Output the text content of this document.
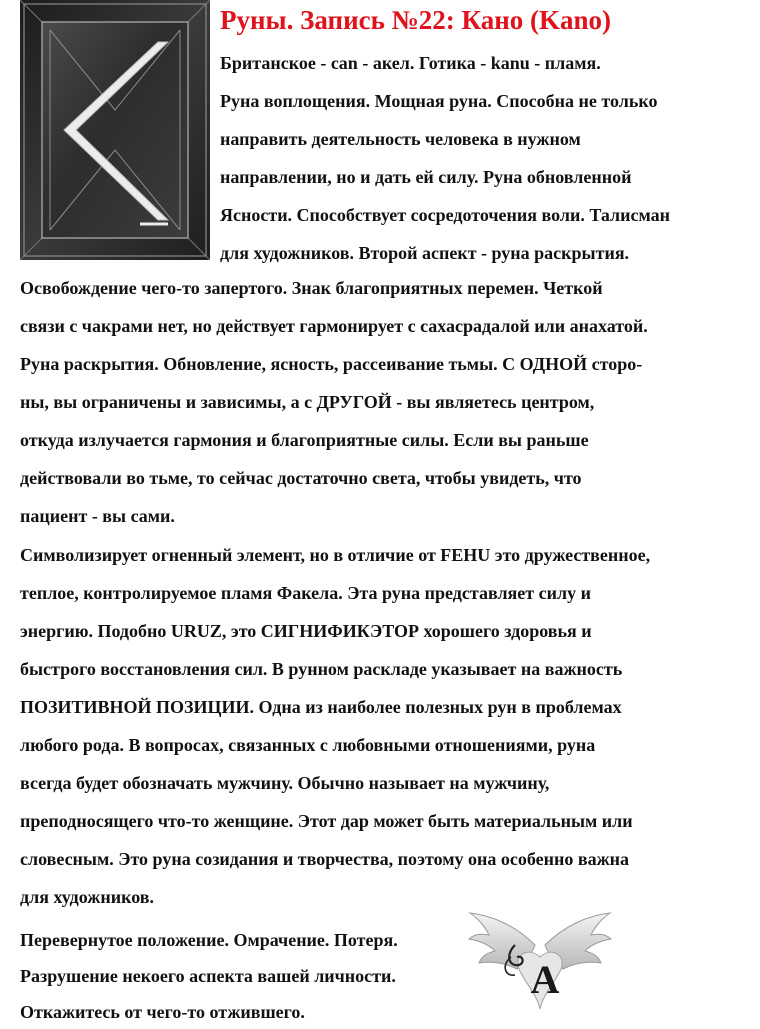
Руны. Запись №22: Кано (Kano)

Британское - can - акел. Готика - kanu - пламя.

Руна воплощения. Мощная руна. Способна не только

направить деятельность человека в нужном

направлении, но и дать ей силу. Руна обновленной

Ясности. Способствует сосредоточения воли. Талисман

для художников. Второй аспект - руна раскрытия.

Освобождение чего-то запертого. Знак благоприятных перемен. Четкой

связи с чакрами нет, но действует гармонирует с сахасрадалой или анахатой.

Руна раскрытия. Обновление, ясность, рассеивание тьмы. С ОДНОЙ сторо-

ны, вы ограничены и зависимы, а с ДРУГОЙ - вы являетесь центром,

откуда излучается гармония и благоприятные силы. Если вы раньше

действовали во тьме, то сейчас достаточно света, чтобы увидеть, что

пациент - вы сами.

Символизирует огненный элемент, но в отличие от FEHU это дружественное,

теплое, контролируемое пламя Факела. Эта руна представляет силу и

энергию. Подобно URUZ, это СИГНИФИКЭТОР хорошего здоровья и

быстрого восстановления сил. В рунном раскладе указывает на важность

ПОЗИТИВНОЙ ПОЗИЦИИ. Одна из наиболее полезных рун в проблемах

любого рода. В вопросах, связанных с любовными отношениями, руна

всегда будет обозначать мужчину. Обычно называет на мужчину,

преподносящего что-то женщине. Этот дар может быть материальным или

словесным. Это руна созидания и творчества, поэтому она особенно важна

для художников.

Перевернутое положение. Омрачение. Потеря.

Разрушение некоего аспекта вашей личности.

Откажитесь от чего-то отжившего.

A
